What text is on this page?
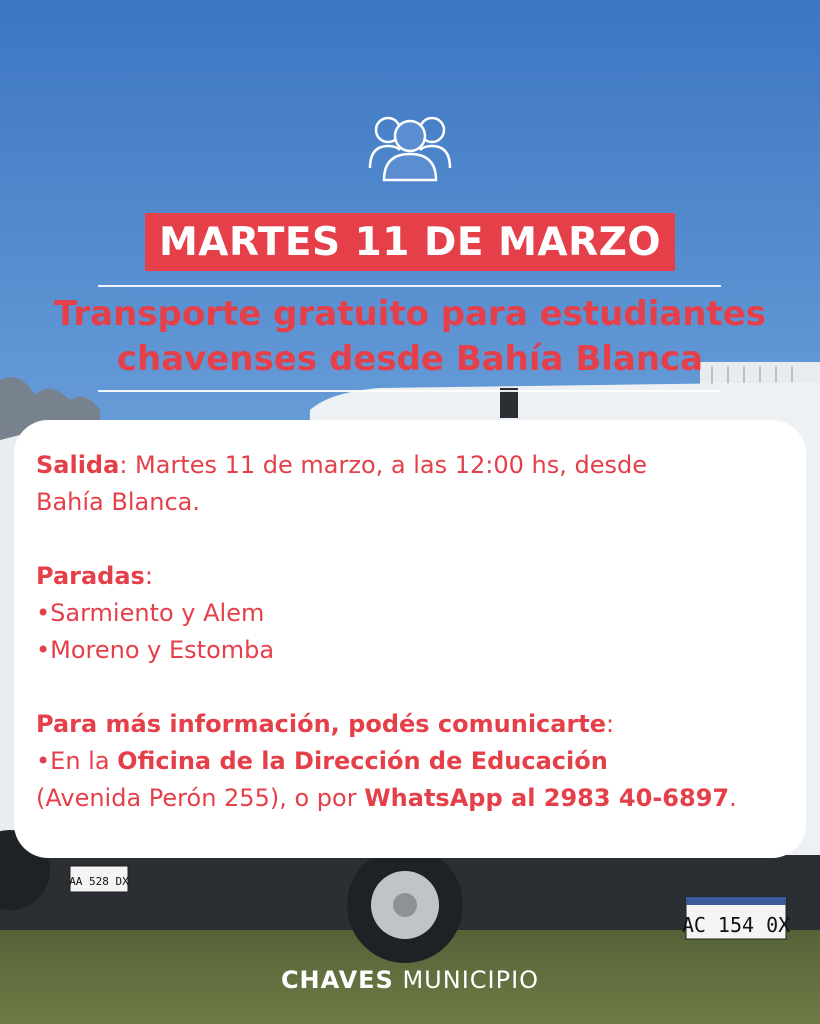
AA 528 DX
AC 154 0X
MARTES 11 DE MARZO
Transporte gratuito para estudiantes
chavenses desde Bahía Blanca

Salida: Martes 11 de marzo, a las 12:00 hs, desde

Bahía Blanca.

Paradas:

•Sarmiento y Alem

•Moreno y Estomba

Para más información, podés comunicarte:

•En la Oficina de la Dirección de Educación

(Avenida Perón 255), o por WhatsApp al 2983 40-6897.

CHAVES MUNICIPIO
